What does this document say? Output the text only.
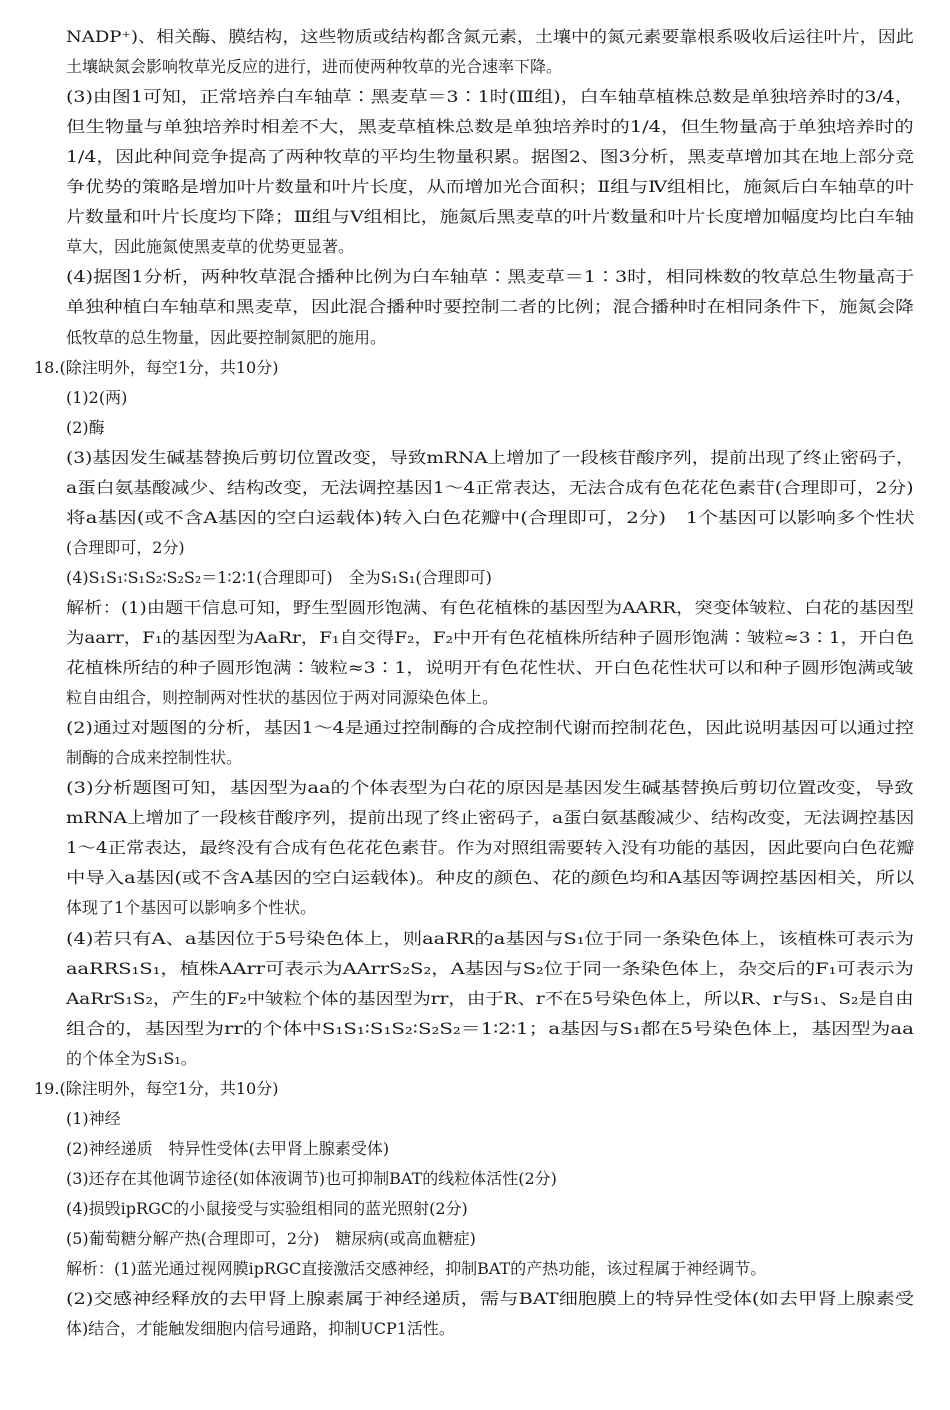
NADP⁺)、相关酶、膜结构，这些物质或结构都含氮元素，土壤中的氮元素要靠根系吸收后运往叶片，因此
土壤缺氮会影响牧草光反应的进行，进而使两种牧草的光合速率下降。
(3)由图1可知，正常培养白车轴草∶黑麦草＝3∶1时(Ⅲ组)，白车轴草植株总数是单独培养时的3/4，
但生物量与单独培养时相差不大，黑麦草植株总数是单独培养时的1/4，但生物量高于单独培养时的
1/4，因此种间竞争提高了两种牧草的平均生物量积累。据图2、图3分析，黑麦草增加其在地上部分竞
争优势的策略是增加叶片数量和叶片长度，从而增加光合面积；Ⅱ组与Ⅳ组相比，施氮后白车轴草的叶
片数量和叶片长度均下降；Ⅲ组与Ⅴ组相比，施氮后黑麦草的叶片数量和叶片长度增加幅度均比白车轴
草大，因此施氮使黑麦草的优势更显著。
(4)据图1分析，两种牧草混合播种比例为白车轴草∶黑麦草＝1∶3时，相同株数的牧草总生物量高于
单独种植白车轴草和黑麦草，因此混合播种时要控制二者的比例；混合播种时在相同条件下，施氮会降
低牧草的总生物量，因此要控制氮肥的施用。
18.(除注明外，每空1分，共10分)
(1)2(两)
(2)酶
(3)基因发生碱基替换后剪切位置改变，导致mRNA上增加了一段核苷酸序列，提前出现了终止密码子，
a蛋白氨基酸减少、结构改变，无法调控基因1～4正常表达，无法合成有色花花色素苷(合理即可，2分)
将a基因(或不含A基因的空白运载体)转入白色花瓣中(合理即可，2分)　1个基因可以影响多个性状
(合理即可，2分)
(4)S₁S₁∶S₁S₂∶S₂S₂＝1∶2∶1(合理即可)　全为S₁S₁(合理即可)
解析：(1)由题干信息可知，野生型圆形饱满、有色花植株的基因型为AARR，突变体皱粒、白花的基因型
为aarr，F₁的基因型为AaRr，F₁自交得F₂，F₂中开有色花植株所结种子圆形饱满∶皱粒≈3∶1，开白色
花植株所结的种子圆形饱满∶皱粒≈3∶1，说明开有色花性状、开白色花性状可以和种子圆形饱满或皱
粒自由组合，则控制两对性状的基因位于两对同源染色体上。
(2)通过对题图的分析，基因1～4是通过控制酶的合成控制代谢而控制花色，因此说明基因可以通过控
制酶的合成来控制性状。
(3)分析题图可知，基因型为aa的个体表型为白花的原因是基因发生碱基替换后剪切位置改变，导致
mRNA上增加了一段核苷酸序列，提前出现了终止密码子，a蛋白氨基酸减少、结构改变，无法调控基因
1～4正常表达，最终没有合成有色花花色素苷。作为对照组需要转入没有功能的基因，因此要向白色花瓣
中导入a基因(或不含A基因的空白运载体)。种皮的颜色、花的颜色均和A基因等调控基因相关，所以
体现了1个基因可以影响多个性状。
(4)若只有A、a基因位于5号染色体上，则aaRR的a基因与S₁位于同一条染色体上，该植株可表示为
aaRRS₁S₁，植株AArr可表示为AArrS₂S₂，A基因与S₂位于同一条染色体上，杂交后的F₁可表示为
AaRrS₁S₂，产生的F₂中皱粒个体的基因型为rr，由于R、r不在5号染色体上，所以R、r与S₁、S₂是自由
组合的，基因型为rr的个体中S₁S₁∶S₁S₂∶S₂S₂＝1∶2∶1；a基因与S₁都在5号染色体上，基因型为aa
的个体全为S₁S₁。
19.(除注明外，每空1分，共10分)
(1)神经
(2)神经递质　特异性受体(去甲肾上腺素受体)
(3)还存在其他调节途径(如体液调节)也可抑制BAT的线粒体活性(2分)
(4)损毁ipRGC的小鼠接受与实验组相同的蓝光照射(2分)
(5)葡萄糖分解产热(合理即可，2分)　糖尿病(或高血糖症)
解析：(1)蓝光通过视网膜ipRGC直接激活交感神经，抑制BAT的产热功能，该过程属于神经调节。
(2)交感神经释放的去甲肾上腺素属于神经递质，需与BAT细胞膜上的特异性受体(如去甲肾上腺素受
体)结合，才能触发细胞内信号通路，抑制UCP1活性。
